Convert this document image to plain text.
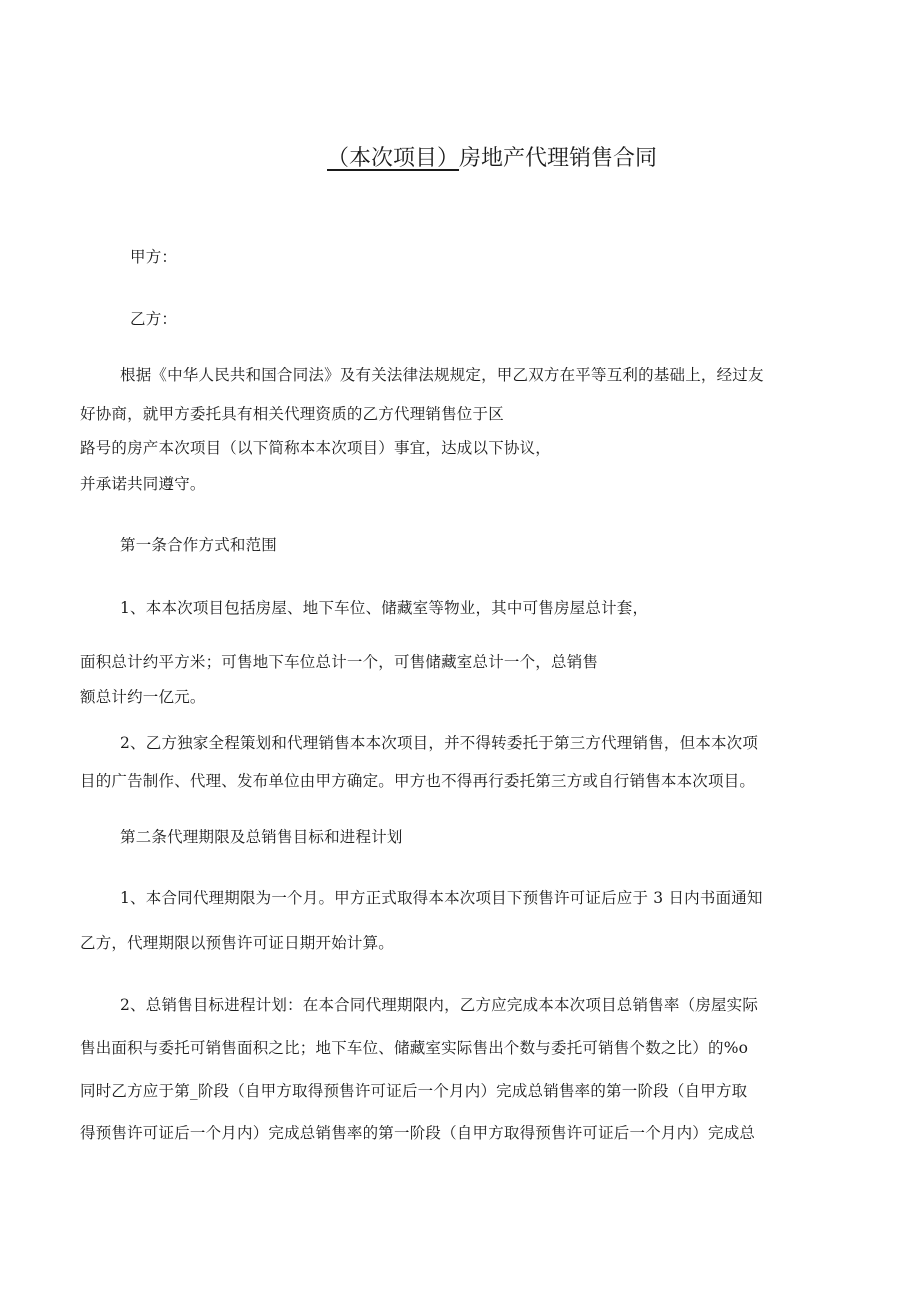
（本次项目）房地产代理销售合同

甲方：

乙方：

根据《中华人民共和国合同法》及有关法律法规规定，甲乙双方在平等互利的基础上，经过友

好协商，就甲方委托具有相关代理资质的乙方代理销售位于区

路号的房产本次项目（以下简称本本次项目）事宜，达成以下协议，

并承诺共同遵守。

第一条合作方式和范围

1、本本次项目包括房屋、地下车位、储藏室等物业，其中可售房屋总计套，

面积总计约平方米；可售地下车位总计一个，可售储藏室总计一个，总销售

额总计约一亿元。

2、乙方独家全程策划和代理销售本本次项目，并不得转委托于第三方代理销售，但本本次项

目的广告制作、代理、发布单位由甲方确定。甲方也不得再行委托第三方或自行销售本本次项目。

第二条代理期限及总销售目标和进程计划

1、本合同代理期限为一个月。甲方正式取得本本次项目下预售许可证后应于 3 日内书面通知

乙方，代理期限以预售许可证日期开始计算。

2、总销售目标进程计划：在本合同代理期限内，乙方应完成本本次项目总销售率（房屋实际

售出面积与委托可销售面积之比；地下车位、储藏室实际售出个数与委托可销售个数之比）的%o

同时乙方应于第_阶段（自甲方取得预售许可证后一个月内）完成总销售率的第一阶段（自甲方取

得预售许可证后一个月内）完成总销售率的第一阶段（自甲方取得预售许可证后一个月内）完成总
